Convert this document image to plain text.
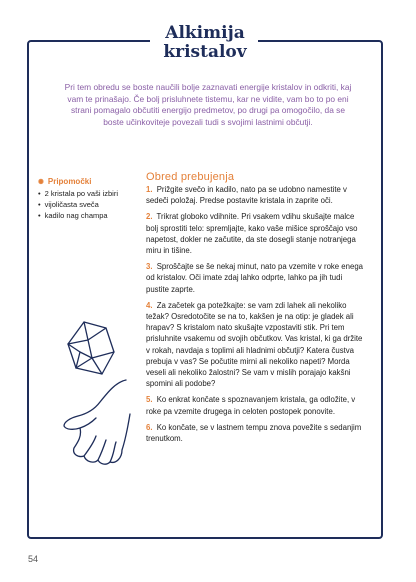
Alkimija kristalov
Pri tem obredu se boste naučili bolje zaznavati energije kristalov in odkriti, kaj vam te prinašajo. Če bolj prisluhnete tistemu, kar ne vidite, vam bo to po eni strani pomagalo občutiti energijo predmetov, po drugi pa omogočilo, da se boste učinkoviteje povezali tudi s svojimi lastnimi občutji.
✺ Pripomočki
• 2 kristala po vaši izbiri
• vijoličasta sveča
• kadilo nag champa
Obred prebujenja
1. Prižgite svečo in kadilo, nato pa se udobno namestite v sedeči položaj. Predse postavite kristala in zaprite oči.
2. Trikrat globoko vdihnite. Pri vsakem vdihu skušajte malce bolj sprostiti telo: spremljajte, kako vaše mišice sproščajo vso napetost, dokler ne začutite, da ste dosegli stanje notranjega miru in tišine.
3. Sproščajte se še nekaj minut, nato pa vzemite v roke enega od kristalov. Oči imate zdaj lahko odprte, lahko pa jih tudi pustite zaprte.
4. Za začetek ga potežkajte: se vam zdi lahek ali nekoliko težak? Osredotočite se na to, kakšen je na otip: je gladek ali hrapav? S kristalom nato skušajte vzpostaviti stik. Pri tem prisluhnite vsakemu od svojih občutkov. Vas kristal, ki ga držite v rokah, navdaja s toplimi ali hladnimi občutji? Katera čustva prebuja v vas? Se počutite mirni ali nekoliko napeti? Morda veseli ali nekoliko žalostni? Se vam v mislih porajajo kakšni spomini ali podobe?
5. Ko enkrat končate s spoznavanjem kristala, ga odložite, v roke pa vzemite drugega in celoten postopek ponovite.
6. Ko končate, se v lastnem tempu znova povežite s sedanjim trenutkom.
54
